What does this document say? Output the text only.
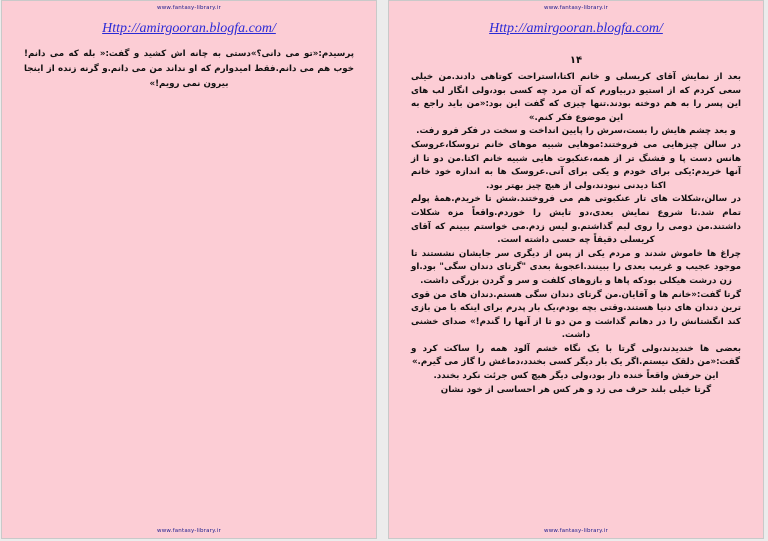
www.fantasy-library.ir
Http://amirgooran.blogfa.com/

پرسیدم:«تو می دانی؟»دستی به چانه اش کشید و گفت:« بله که می دانم!خوب هم می دانم.فقط امیدوارم که او نداند من می دانم.و گرنه زنده از اینجا بیرون نمی رویم!»

www.fantasy-library.ir
www.fantasy-library.ir
Http://amirgooran.blogfa.com/
۱۴

بعد از نمایش آقای کریسلی و خانم اکتا،استراحت کوتاهی دادند.من خیلی سعی کردم که از استیو دربیاورم که آن مرد چه کسی بود،ولی انگار لب های این پسر را به هم دوخته بودند.تنها چیزی که گفت این بود:«من باید راجع به این موضوع فکر کنم.»

و بعد چشم هایش را بست،سرش را پایین انداخت و سخت در فکر فرو رفت.

در سالن چیزهایی می فروختند:موهایی شبیه موهای خانم تروسکا،عروسک هانس دست پا و فشنگ تر از همه،عنکبوت هایی شبیه خانم اکتا.من دو تا از آنها خریدم:یکی برای خودم و یکی برای آنی.عروسک ها به اندازه خود خانم اکتا دیدنی نبودند،ولی از هیچ چیز بهتر بود.

در سالن،شکلات های تار عنکبوتی هم می فروختند.شش تا خریدم.همهٔ پولم تمام شد.تا شروع نمایش بعدی،دو تایش را خوردم.واقعاً مزه شکلات داشتند.من دومی را روی لبم گذاشتم.و لیس زدم.می خواستم ببینم که آقای کریسلی دقیقاً چه حسی داشته است.

چراغ ها خاموش شدند و مردم یکی از پس از دیگری سر جایشان نشستند تا موجود عجیب و غریب بعدی را ببینند.اعجوبهٔ بعدی "گرتای دندان سگی" بود.او زن درشت هیکلی بودکه پاها و بازوهای کلفت و سر و گردن بزرگی داشت.

گرتا گفت:«خانم ها و آقایان.من گرتای دندان سگی هستم.دندان های من قوی ترین دندان های دنیا هستند.وقتی بچه بودم،یک بار پدرم برای اینکه با من بازی کند انگشتانش را در دهانم گذاشت و من دو تا از آنها را گندم!» صدای خشنی داشت.

بعضی ها خندیدند،ولی گرتا با یک نگاه خشم آلود همه را ساکت کرد و گفت:«من دلقک نیستم.اگر یک بار دیگر کسی بخندد،دماغش را گاز می گیرم.»

این حرفش واقعاً خنده دار بود،ولی دیگر هیچ کس جرئت نکرد بخندد.

گرتا خیلی بلند حرف می زد و هر کس هر احساسی از خود نشان

www.fantasy-library.ir
